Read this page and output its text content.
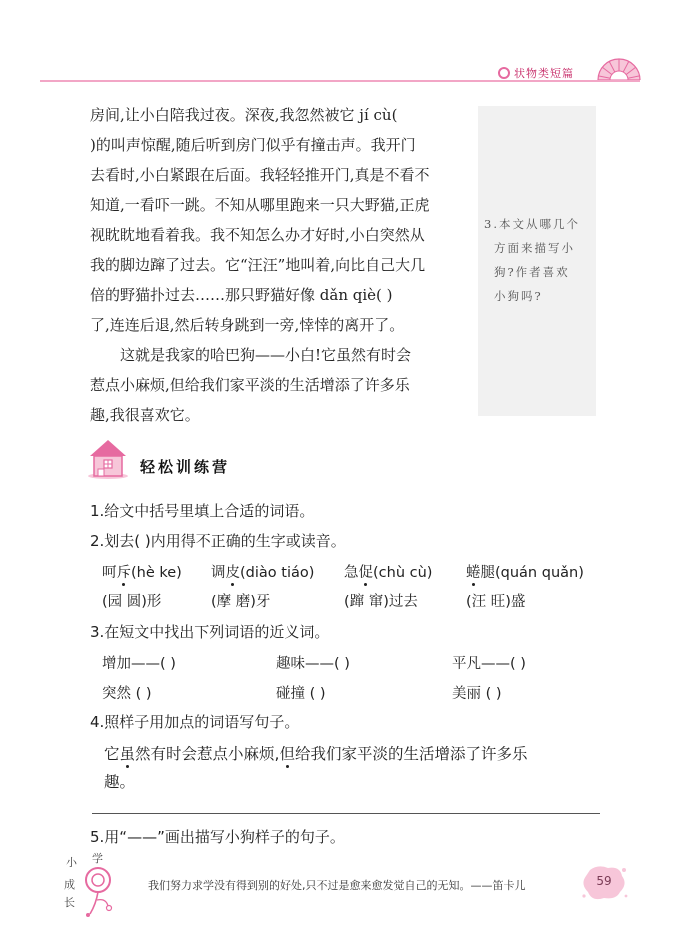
状物类短篇
3.本文从哪几个
方面来描写小
狗?作者喜欢
小狗吗?
房间,让小白陪我过夜。深夜,我忽然被它 jí cù(
)的叫声惊醒,随后听到房门似乎有撞击声。我开门
去看时,小白紧跟在后面。我轻轻推开门,真是不看不
知道,一看吓一跳。不知从哪里跑来一只大野猫,正虎
视眈眈地看着我。我不知怎么办才好时,小白突然从
我的脚边蹿了过去。它“汪汪”地叫着,向比自己大几
倍的野猫扑过去……那只野猫好像 dǎn qiè( )
了,连连后退,然后转身跳到一旁,悻悻的离开了。
这就是我家的哈巴狗——小白!它虽然有时会
惹点小麻烦,但给我们家平淡的生活增添了许多乐
趣,我很喜欢它。
轻松训练营
1.给文中括号里填上合适的词语。
2.划去( )内用得不正确的生字或读音。
呵斥(hè ke) 调皮(diào tiáo) 急促(chù cù) 蜷腿(quán quǎn)
(园 圆)形	(摩 磨)牙	(蹿 窜)过去	(汪 旺)盛
3.在短文中找出下列词语的近义词。
增加——( )	趣味——( )	平凡——( )
突然 ( )	碰撞 ( )	美丽 ( )
4.照样子用加点的词语写句子。
它虽然有时会惹点小麻烦,但给我们家平淡的生活增添了许多乐
趣。
5.用“——”画出描写小狗样子的句子。
小 学
成
长
我们努力求学没有得到别的好处,只不过是愈来愈发觉自己的无知。——笛卡儿	59
